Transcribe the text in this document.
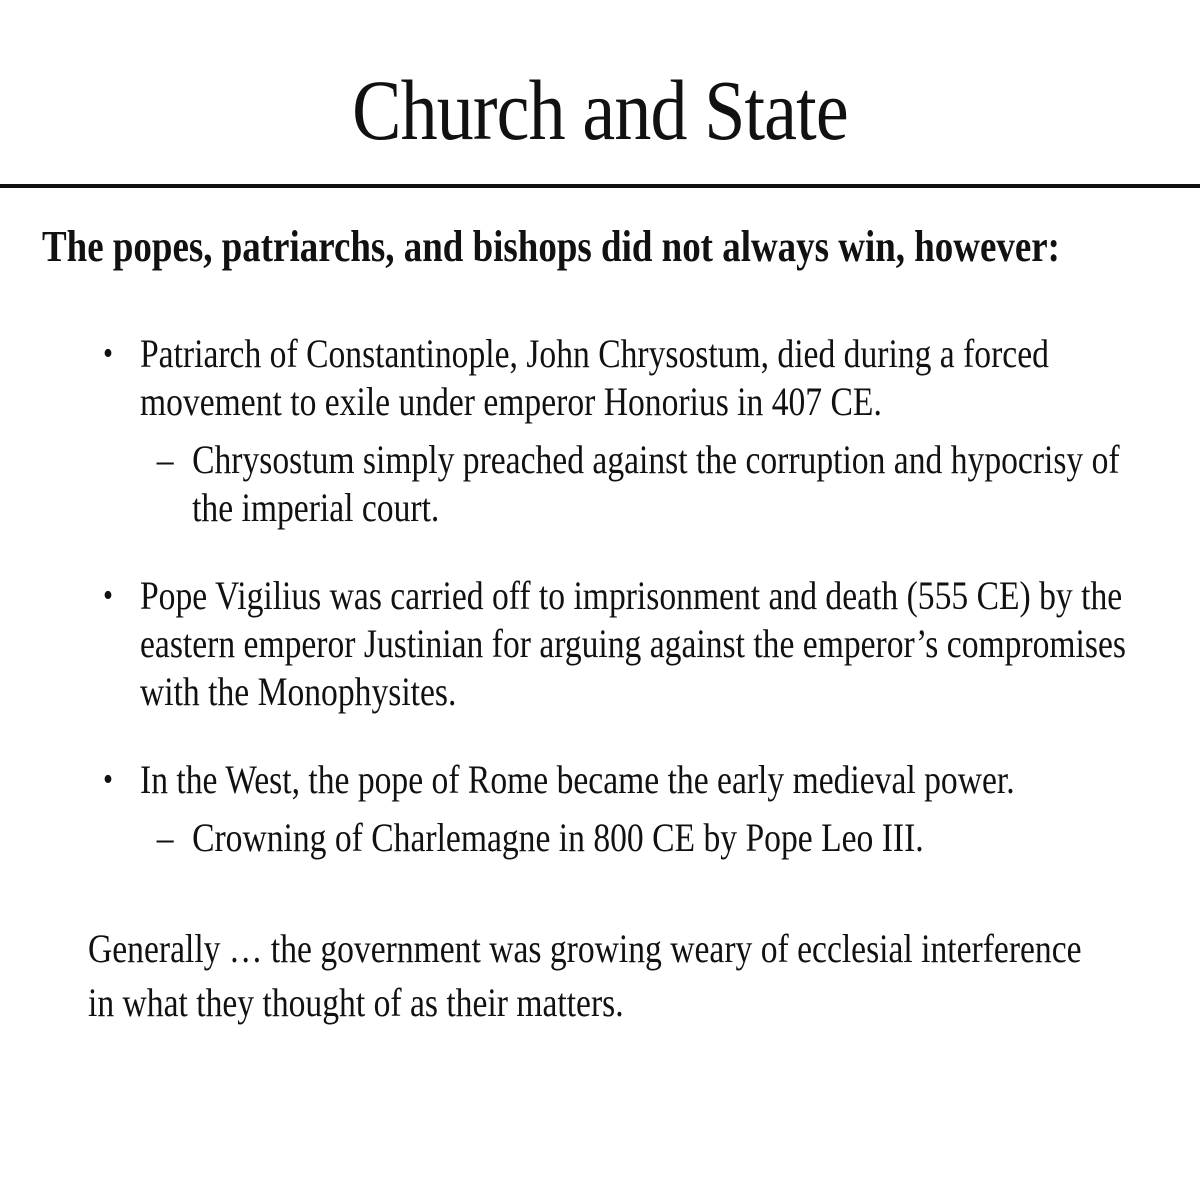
Church and State
The popes, patriarchs, and bishops did not always win, however:
• Patriarch of Constantinople, John Chrysostum, died during a forced
movement to exile under emperor Honorius in 407 CE.
– Chrysostum simply preached against the corruption and hypocrisy of
the imperial court.
• Pope Vigilius was carried off to imprisonment and death (555 CE) by the
eastern emperor Justinian for arguing against the emperor’s compromises
with the Monophysites.
• In the West, the pope of Rome became the early medieval power.
– Crowning of Charlemagne in 800 CE by Pope Leo III.
Generally … the government was growing weary of ecclesial interference
in what they thought of as their matters.
